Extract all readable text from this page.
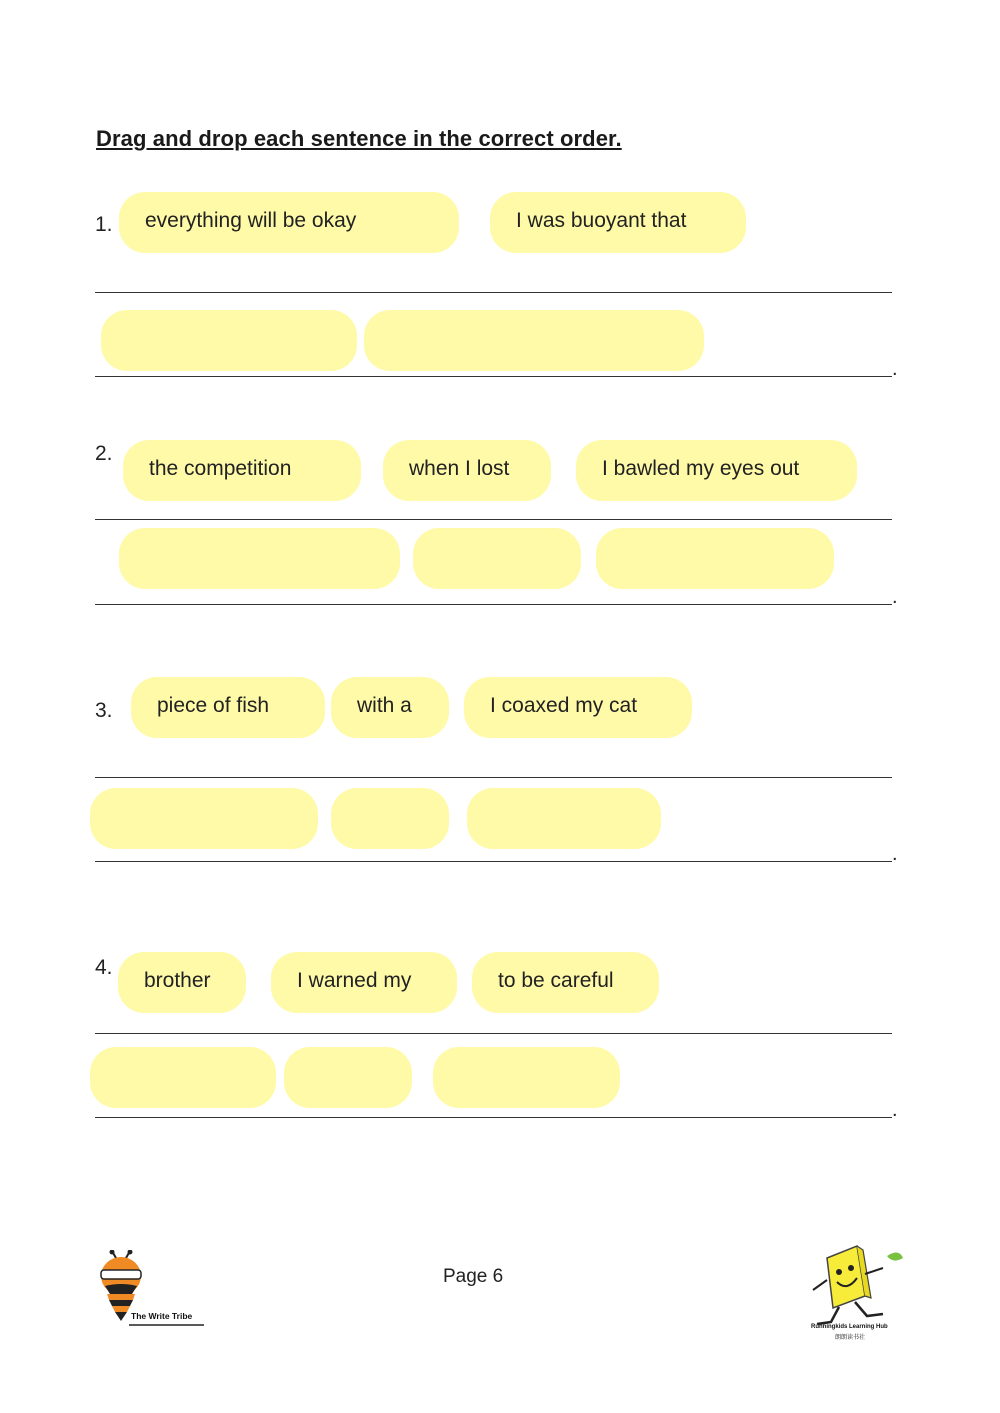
Drag and drop each sentence in the correct order.
1.	everything will be okay	I was buoyant that
.
2.
the competition	when I lost	I bawled my eyes out
.
3.	piece of fish	with a	I coaxed my cat
.
4.
brother	I warned my	to be careful
.
The Write Tribe
Page 6
Runningkids Learning Hub
朗朗读书社
